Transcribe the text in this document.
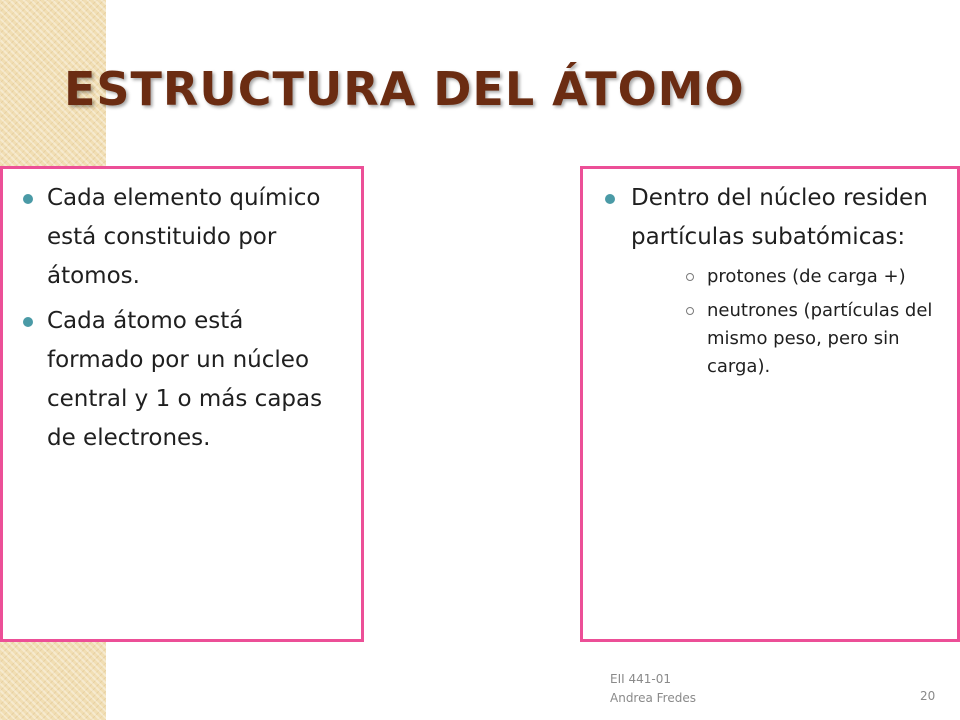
ESTRUCTURA DEL ÁTOMO
Cada elemento químico está constituido por átomos.
Cada átomo está formado por un núcleo central y 1 o más capas de electrones.
Dentro del núcleo residen partículas subatómicas:
protones (de carga +)
neutrones (partículas del mismo peso, pero sin carga).
EII 441-01
Andrea Fredes	20
